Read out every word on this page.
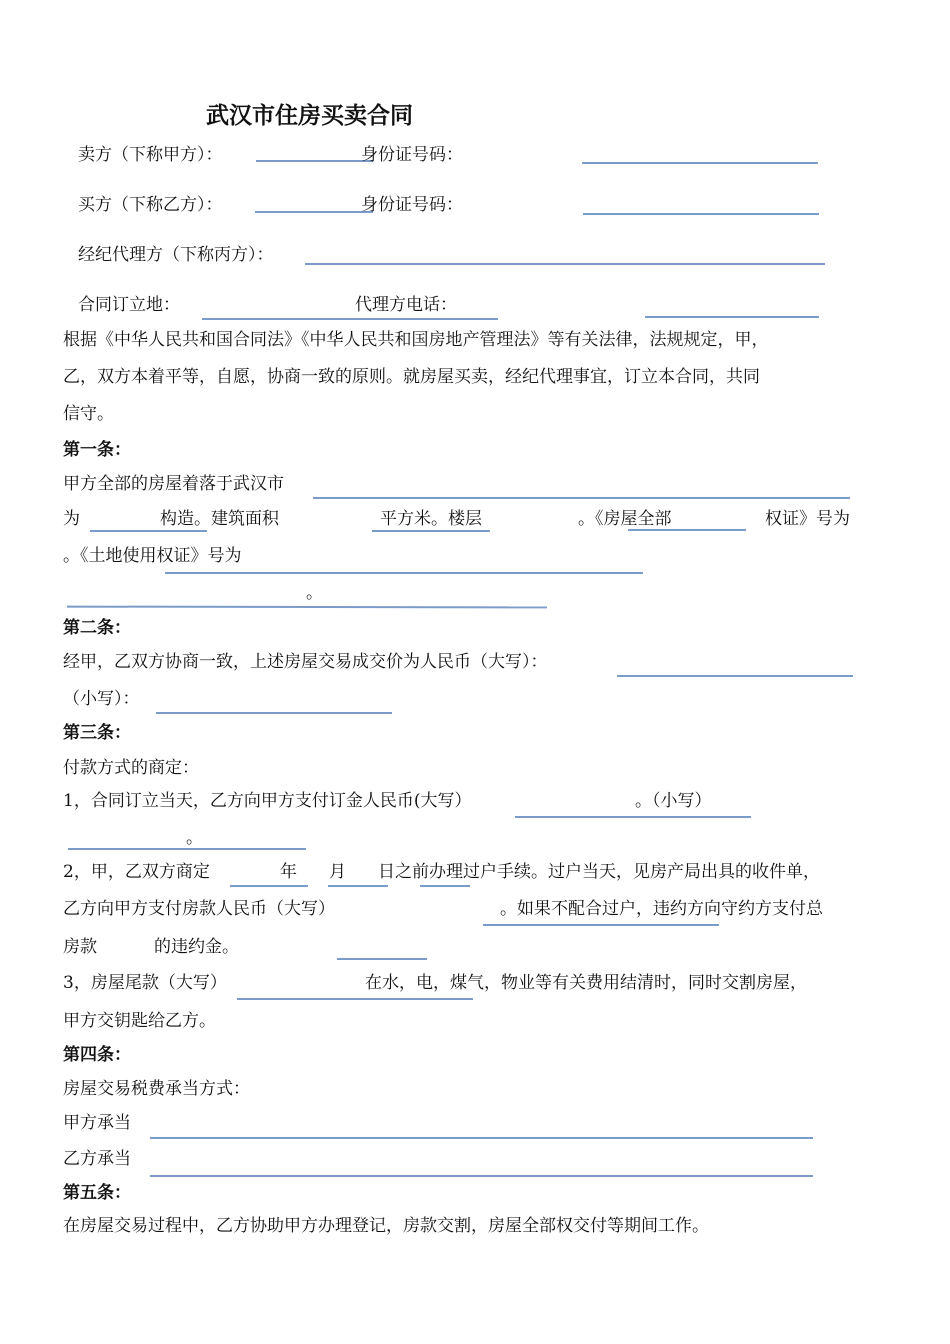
武汉市住房买卖合同
卖方（下称甲方）：	身份证号码：
买方（下称乙方）：	身份证号码：
经纪代理方（下称丙方）：
合同订立地：	代理方电话：
根据《中华人民共和国合同法》《中华人民共和国房地产管理法》等有关法律，法规规定，甲，
乙，双方本着平等，自愿，协商一致的原则。就房屋买卖，经纪代理事宜，订立本合同，共同
信守。
第一条：
甲方全部的房屋着落于武汉市
为	构造。建筑面积	平方米。楼层	。《房屋全部	权证》号为
。《土地使用权证》号为
。
第二条：
经甲，乙双方协商一致，上述房屋交易成交价为人民币（大写）：
（小写）：
第三条：
付款方式的商定：
1，合同订立当天，乙方向甲方支付订金人民币(大写）	。（小写）
。
2，甲，乙双方商定	年 月 日之前办理过户手续。过户当天，见房产局出具的收件单，
乙方向甲方支付房款人民币（大写）	。如果不配合过户，违约方向守约方支付总
房款	的违约金。
3，房屋尾款（大写）	在水，电，煤气，物业等有关费用结清时，同时交割房屋，
甲方交钥匙给乙方。
第四条：
房屋交易税费承当方式：
甲方承当
乙方承当
第五条：
在房屋交易过程中，乙方协助甲方办理登记，房款交割，房屋全部权交付等期间工作。
